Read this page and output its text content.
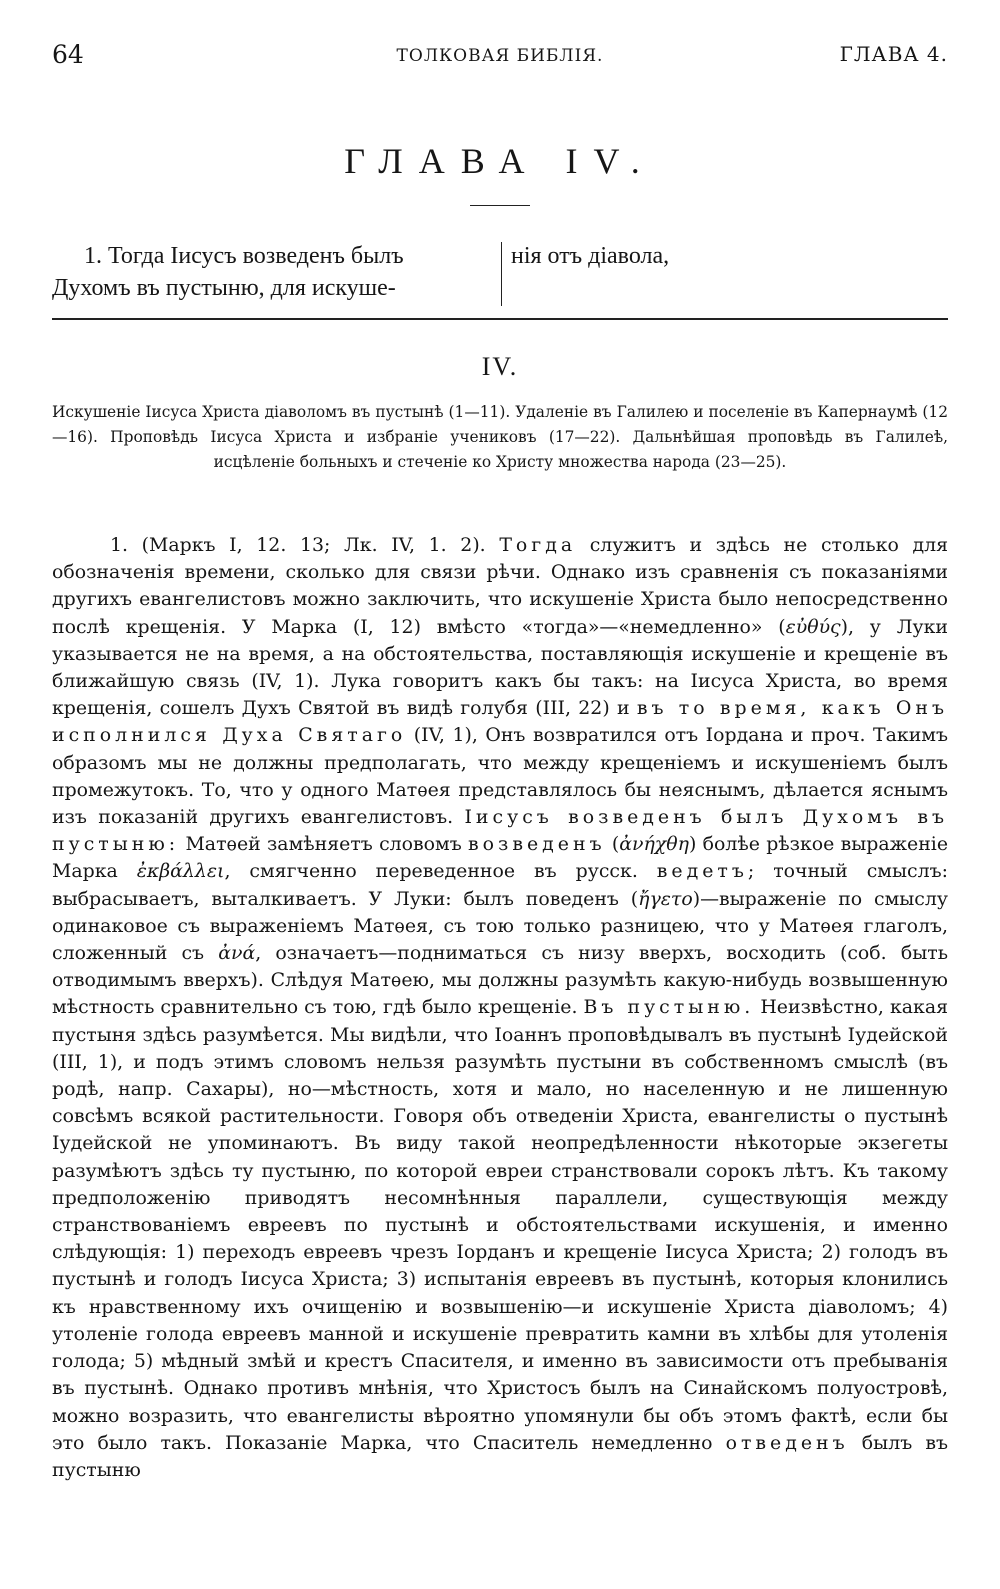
64	ТОЛКОВАЯ БИБЛІЯ.	ГЛАВА 4.
ГЛАВА IV.
1. Тогда Іисусъ возведенъ былъ
Духомъ въ пустыню, для искуше-
нія отъ діавола,
IV.

Искушеніе Іисуса Христа діаволомъ въ пустынѣ (1—11). Удаленіе въ Галилею и поселеніе въ Капернаумѣ (12—16). Проповѣдь Іисуса Христа и избраніе учениковъ (17—22). Дальнѣйшая проповѣдь въ Галилеѣ, исцѣленіе больныхъ и стеченіе ко Христу множества народа (23—25).

1. (Маркъ I, 12. 13; Лк. IV, 1. 2). Тогда служитъ и здѣсь не столько для обозначенія времени, сколько для связи рѣчи. Однако изъ сравненія съ показаніями другихъ евангелистовъ можно заключить, что искушеніе Христа было непосредственно послѣ крещенія. У Марка (I, 12) вмѣсто «тогда»—«немедленно» (εὐθύς), у Луки указывается не на время, а на обстоятельства, поставляющія искушеніе и крещеніе въ ближайшую связь (IV, 1). Лука говоритъ какъ бы такъ: на Іисуса Христа, во время крещенія, сошелъ Духъ Святой въ видѣ голубя (III, 22) и въ то время, какъ Онъ исполнился Духа Святаго (IV, 1), Онъ возвратился отъ Іордана и проч. Такимъ образомъ мы не должны предполагать, что между крещеніемъ и искушеніемъ былъ промежутокъ. То, что у одного Матѳея представлялось бы неяснымъ, дѣлается яснымъ изъ показаній другихъ евангелистовъ. Іисусъ возведенъ былъ Духомъ въ пустыню: Матѳей замѣняетъ словомъ возведенъ (ἀνήχθη) болѣе рѣзкое выраженіе Марка ἐκβάλλει, смягченно переведенное въ русск. ведетъ; точный смыслъ: выбрасываетъ, выталкиваетъ. У Луки: былъ поведенъ (ἤγετο)—выраженіе по смыслу одинаковое съ выраженіемъ Матѳея, съ тою только разницею, что у Матѳея глаголъ, сложенный съ ἀνά, означаетъ—подниматься съ низу вверхъ, восходить (соб. быть отводимымъ вверхъ). Слѣдуя Матѳею, мы должны разумѣть какую-нибудь возвышенную мѣстность сравнительно съ тою, гдѣ было крещеніе. Въ пустыню. Неизвѣстно, какая пустыня здѣсь разумѣется. Мы видѣли, что Іоаннъ проповѣдывалъ въ пустынѣ Іудейской (III, 1), и подъ этимъ словомъ нельзя разумѣть пустыни въ собственномъ смыслѣ (въ родѣ, напр. Сахары), но—мѣстность, хотя и мало, но населенную и не лишенную совсѣмъ всякой растительности. Говоря объ отведеніи Христа, евангелисты о пустынѣ Іудейской не упоминаютъ. Въ виду такой неопредѣленности нѣкоторые экзегеты разумѣютъ здѣсь ту пустыню, по которой евреи странствовали сорокъ лѣтъ. Къ такому предположенію приводятъ несомнѣнныя параллели, существующія между странствованіемъ евреевъ по пустынѣ и обстоятельствами искушенія, и именно слѣдующія: 1) переходъ евреевъ чрезъ Іорданъ и крещеніе Іисуса Христа; 2) голодъ въ пустынѣ и голодъ Іисуса Христа; 3) испытанія евреевъ въ пустынѣ, которыя клонились къ нравственному ихъ очищенію и возвышенію—и искушеніе Христа діаволомъ; 4) утоленіе голода евреевъ манной и искушеніе превратить камни въ хлѣбы для утоленія голода; 5) мѣдный змѣй и крестъ Спасителя, и именно въ зависимости отъ пребыванія въ пустынѣ. Однако противъ мнѣнія, что Христосъ былъ на Синайскомъ полуостровѣ, можно возразить, что евангелисты вѣроятно упомянули бы объ этомъ фактѣ, если бы это было такъ. Показаніе Марка, что Спаситель немедленно отведенъ былъ въ пустыню
